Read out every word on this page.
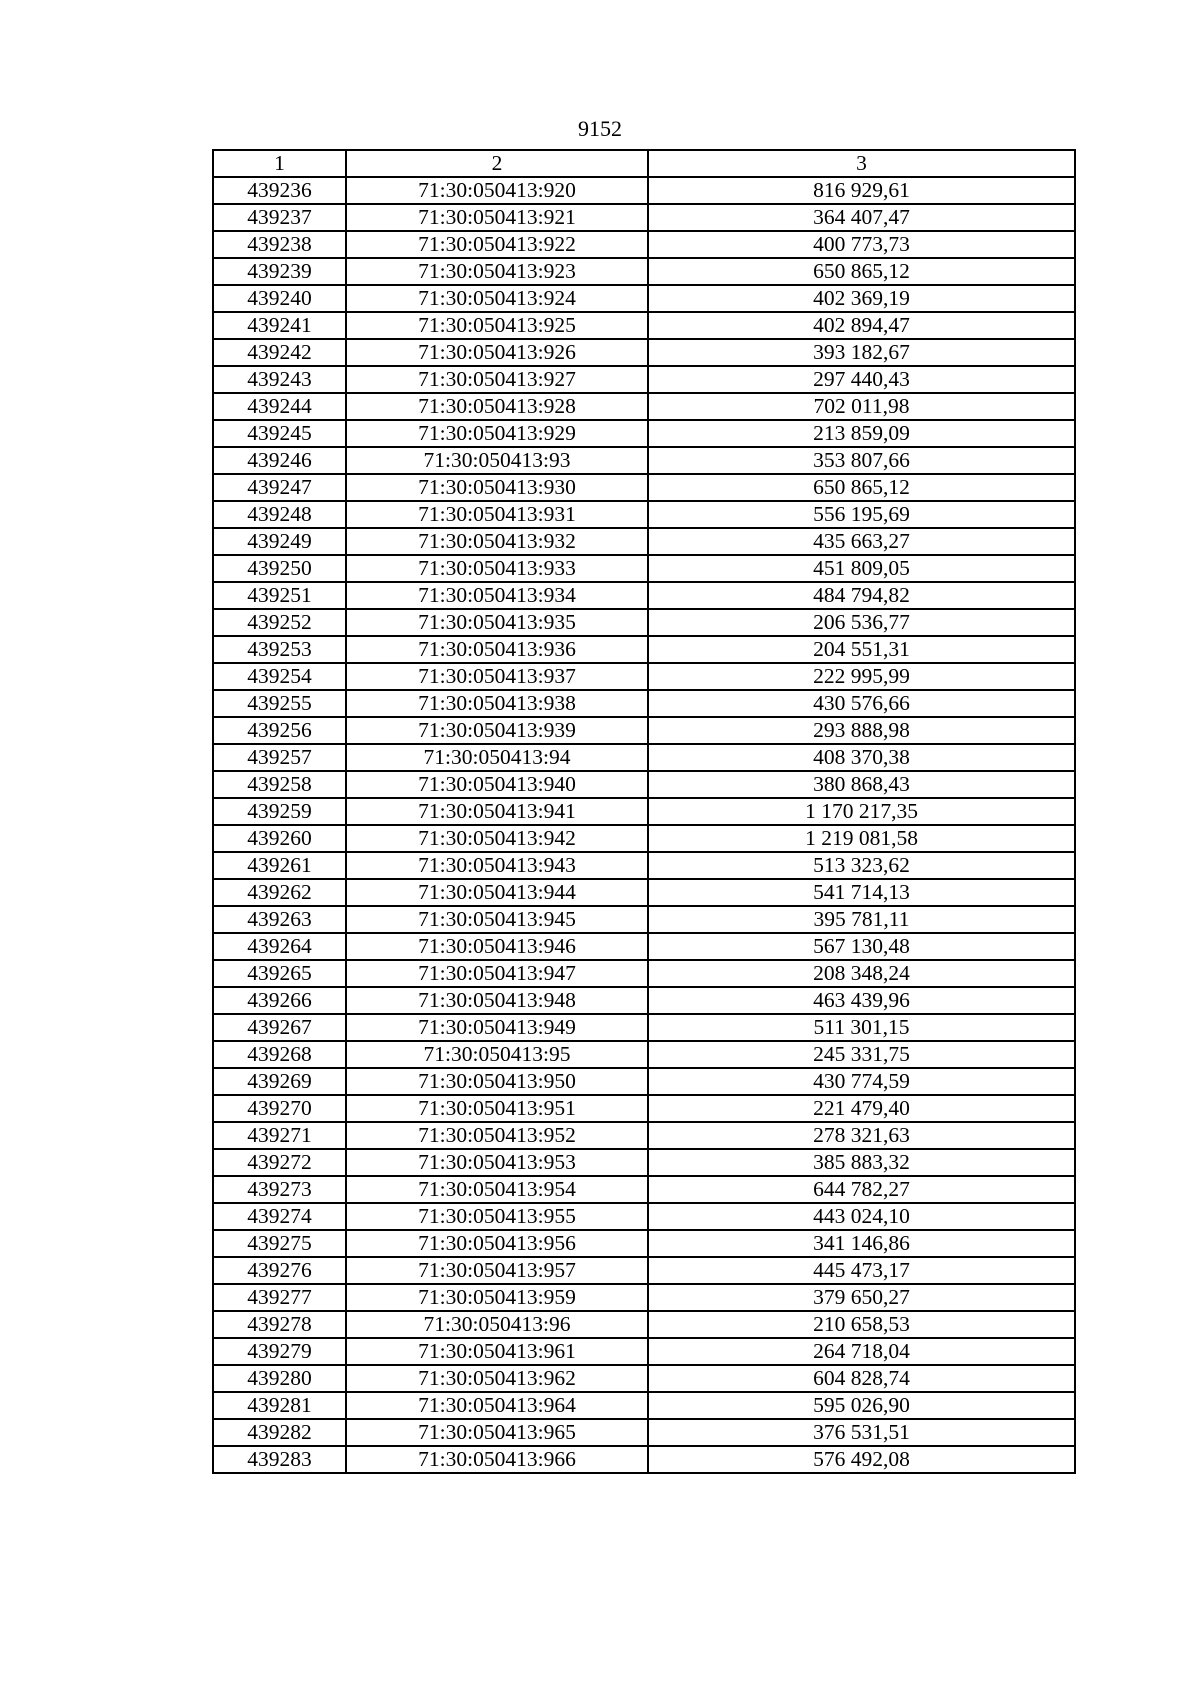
9152
1	2	3
439236	71:30:050413:920	816 929,61
439237	71:30:050413:921	364 407,47
439238	71:30:050413:922	400 773,73
439239	71:30:050413:923	650 865,12
439240	71:30:050413:924	402 369,19
439241	71:30:050413:925	402 894,47
439242	71:30:050413:926	393 182,67
439243	71:30:050413:927	297 440,43
439244	71:30:050413:928	702 011,98
439245	71:30:050413:929	213 859,09
439246	71:30:050413:93	353 807,66
439247	71:30:050413:930	650 865,12
439248	71:30:050413:931	556 195,69
439249	71:30:050413:932	435 663,27
439250	71:30:050413:933	451 809,05
439251	71:30:050413:934	484 794,82
439252	71:30:050413:935	206 536,77
439253	71:30:050413:936	204 551,31
439254	71:30:050413:937	222 995,99
439255	71:30:050413:938	430 576,66
439256	71:30:050413:939	293 888,98
439257	71:30:050413:94	408 370,38
439258	71:30:050413:940	380 868,43
439259	71:30:050413:941	1 170 217,35
439260	71:30:050413:942	1 219 081,58
439261	71:30:050413:943	513 323,62
439262	71:30:050413:944	541 714,13
439263	71:30:050413:945	395 781,11
439264	71:30:050413:946	567 130,48
439265	71:30:050413:947	208 348,24
439266	71:30:050413:948	463 439,96
439267	71:30:050413:949	511 301,15
439268	71:30:050413:95	245 331,75
439269	71:30:050413:950	430 774,59
439270	71:30:050413:951	221 479,40
439271	71:30:050413:952	278 321,63
439272	71:30:050413:953	385 883,32
439273	71:30:050413:954	644 782,27
439274	71:30:050413:955	443 024,10
439275	71:30:050413:956	341 146,86
439276	71:30:050413:957	445 473,17
439277	71:30:050413:959	379 650,27
439278	71:30:050413:96	210 658,53
439279	71:30:050413:961	264 718,04
439280	71:30:050413:962	604 828,74
439281	71:30:050413:964	595 026,90
439282	71:30:050413:965	376 531,51
439283	71:30:050413:966	576 492,08
